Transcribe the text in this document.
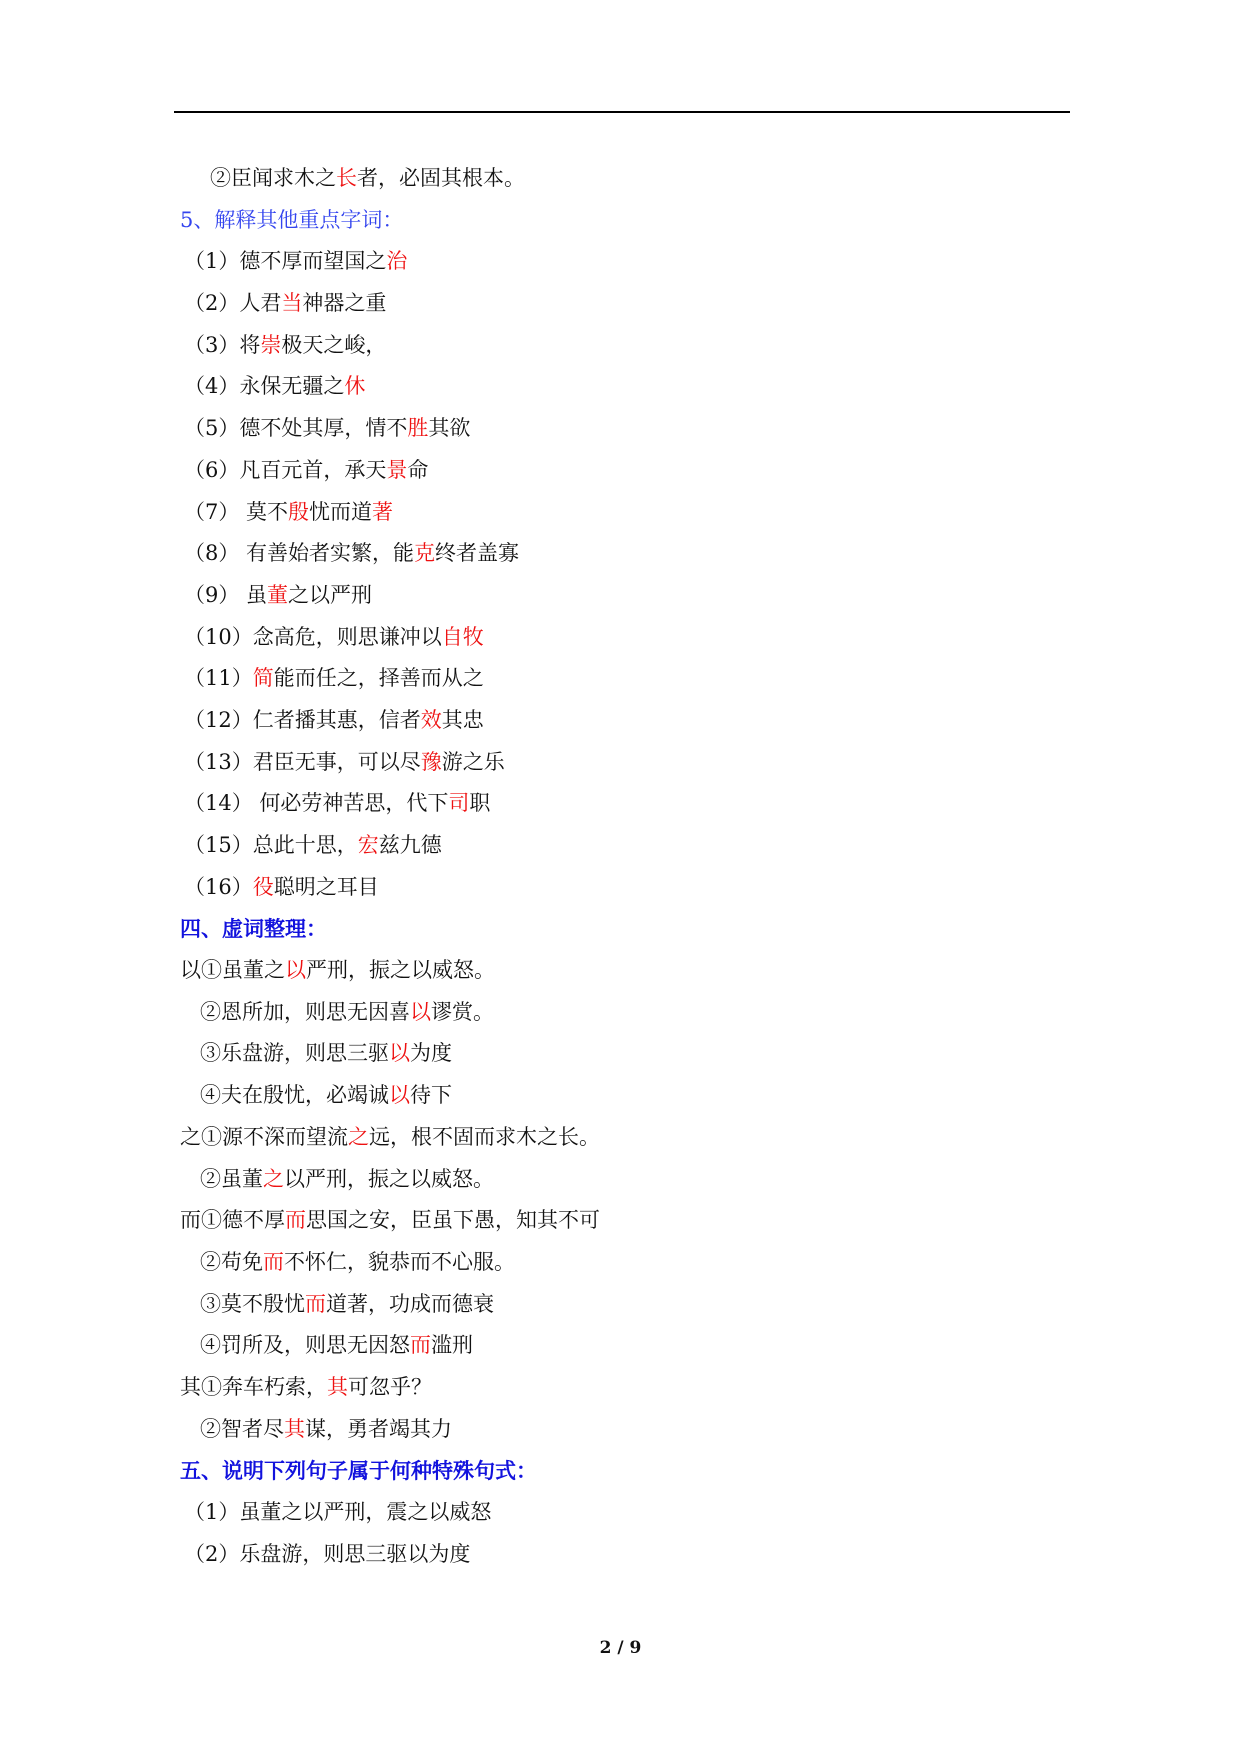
②臣闻求木之长者，必固其根本。
5、解释其他重点字词：
（1）德不厚而望国之治
（2）人君当神器之重
（3）将崇极天之峻，
（4）永保无疆之休
（5）德不处其厚，情不胜其欲
（6）凡百元首，承天景命
（7） 莫不殷忧而道著
（8） 有善始者实繁，能克终者盖寡
（9） 虽董之以严刑
（10）念高危，则思谦冲以自牧
（11）简能而任之，择善而从之
（12）仁者播其惠，信者效其忠
（13）君臣无事，可以尽豫游之乐
（14） 何必劳神苦思，代下司职
（15）总此十思，宏兹九德
（16）役聪明之耳目
四、虚词整理：
以①虽董之以严刑，振之以威怒。
②恩所加，则思无因喜以谬赏。
③乐盘游，则思三驱以为度
④夫在殷忧，必竭诚以待下
之①源不深而望流之远，根不固而求木之长。
②虽董之以严刑，振之以威怒。
而①德不厚而思国之安，臣虽下愚，知其不可
②苟免而不怀仁，貌恭而不心服。
③莫不殷忧而道著，功成而德衰
④罚所及，则思无因怒而滥刑
其①奔车朽索，其可忽乎？
②智者尽其谋，勇者竭其力
五、说明下列句子属于何种特殊句式：
（1）虽董之以严刑，震之以威怒
（2）乐盘游，则思三驱以为度
2 / 9
